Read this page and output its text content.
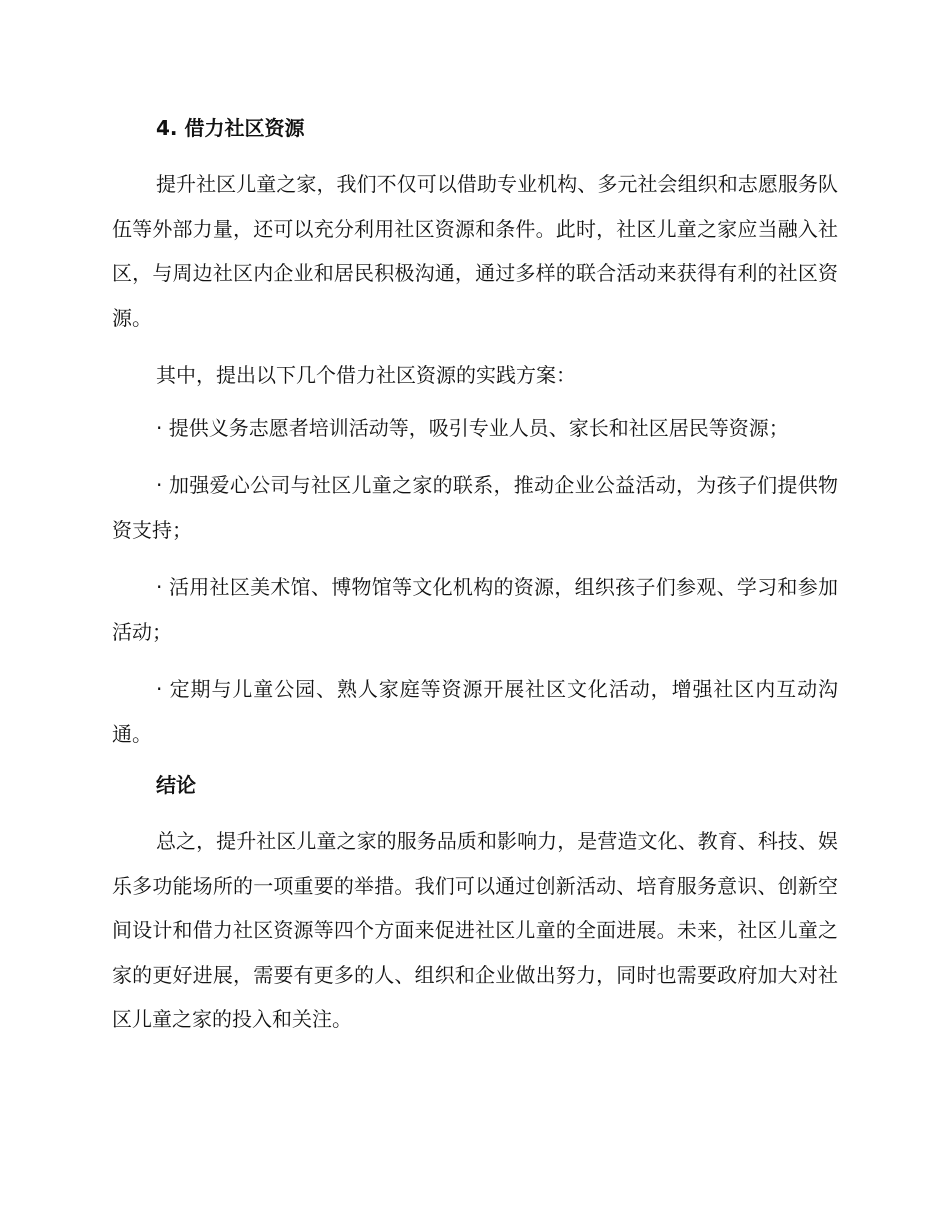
4. 借力社区资源

提升社区儿童之家，我们不仅可以借助专业机构、多元社会组织和志愿服务队伍等外部力量，还可以充分利用社区资源和条件。此时，社区儿童之家应当融入社区，与周边社区内企业和居民积极沟通，通过多样的联合活动来获得有利的社区资源。

其中，提出以下几个借力社区资源的实践方案：

· 提供义务志愿者培训活动等，吸引专业人员、家长和社区居民等资源；

· 加强爱心公司与社区儿童之家的联系，推动企业公益活动，为孩子们提供物资支持；

· 活用社区美术馆、博物馆等文化机构的资源，组织孩子们参观、学习和参加活动；

· 定期与儿童公园、熟人家庭等资源开展社区文化活动，增强社区内互动沟通。

结论

总之，提升社区儿童之家的服务品质和影响力，是营造文化、教育、科技、娱乐多功能场所的一项重要的举措。我们可以通过创新活动、培育服务意识、创新空间设计和借力社区资源等四个方面来促进社区儿童的全面进展。未来，社区儿童之家的更好进展，需要有更多的人、组织和企业做出努力，同时也需要政府加大对社区儿童之家的投入和关注。
